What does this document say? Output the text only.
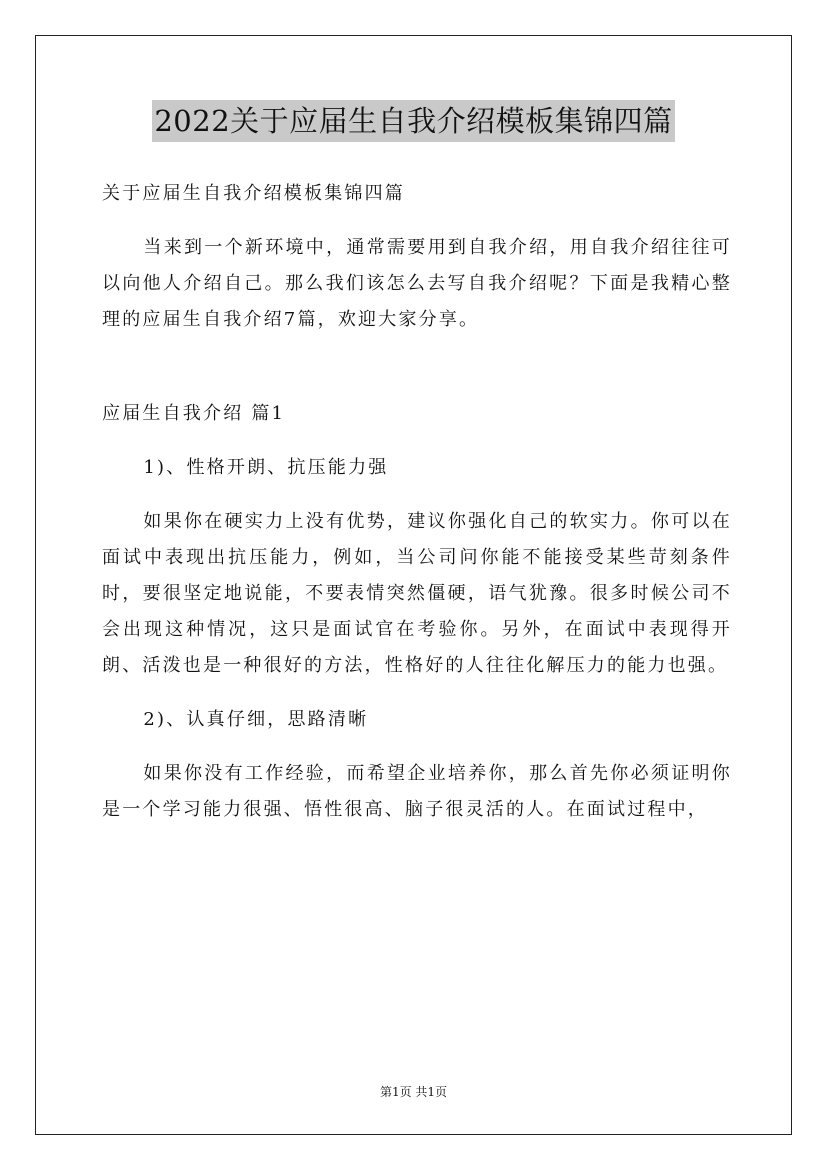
2022关于应届生自我介绍模板集锦四篇

关于应届生自我介绍模板集锦四篇

当来到一个新环境中，通常需要用到自我介绍，用自我介绍往往可以向他人介绍自己。那么我们该怎么去写自我介绍呢？下面是我精心整理的应届生自我介绍7篇，欢迎大家分享。

应届生自我介绍 篇1

1)、性格开朗、抗压能力强

如果你在硬实力上没有优势，建议你强化自己的软实力。你可以在面试中表现出抗压能力，例如，当公司问你能不能接受某些苛刻条件时，要很坚定地说能，不要表情突然僵硬，语气犹豫。很多时候公司不会出现这种情况，这只是面试官在考验你。另外，在面试中表现得开朗、活泼也是一种很好的方法，性格好的人往往化解压力的能力也强。

2)、认真仔细，思路清晰

如果你没有工作经验，而希望企业培养你，那么首先你必须证明你是一个学习能力很强、悟性很高、脑子很灵活的人。在面试过程中，

第1页 共1页
